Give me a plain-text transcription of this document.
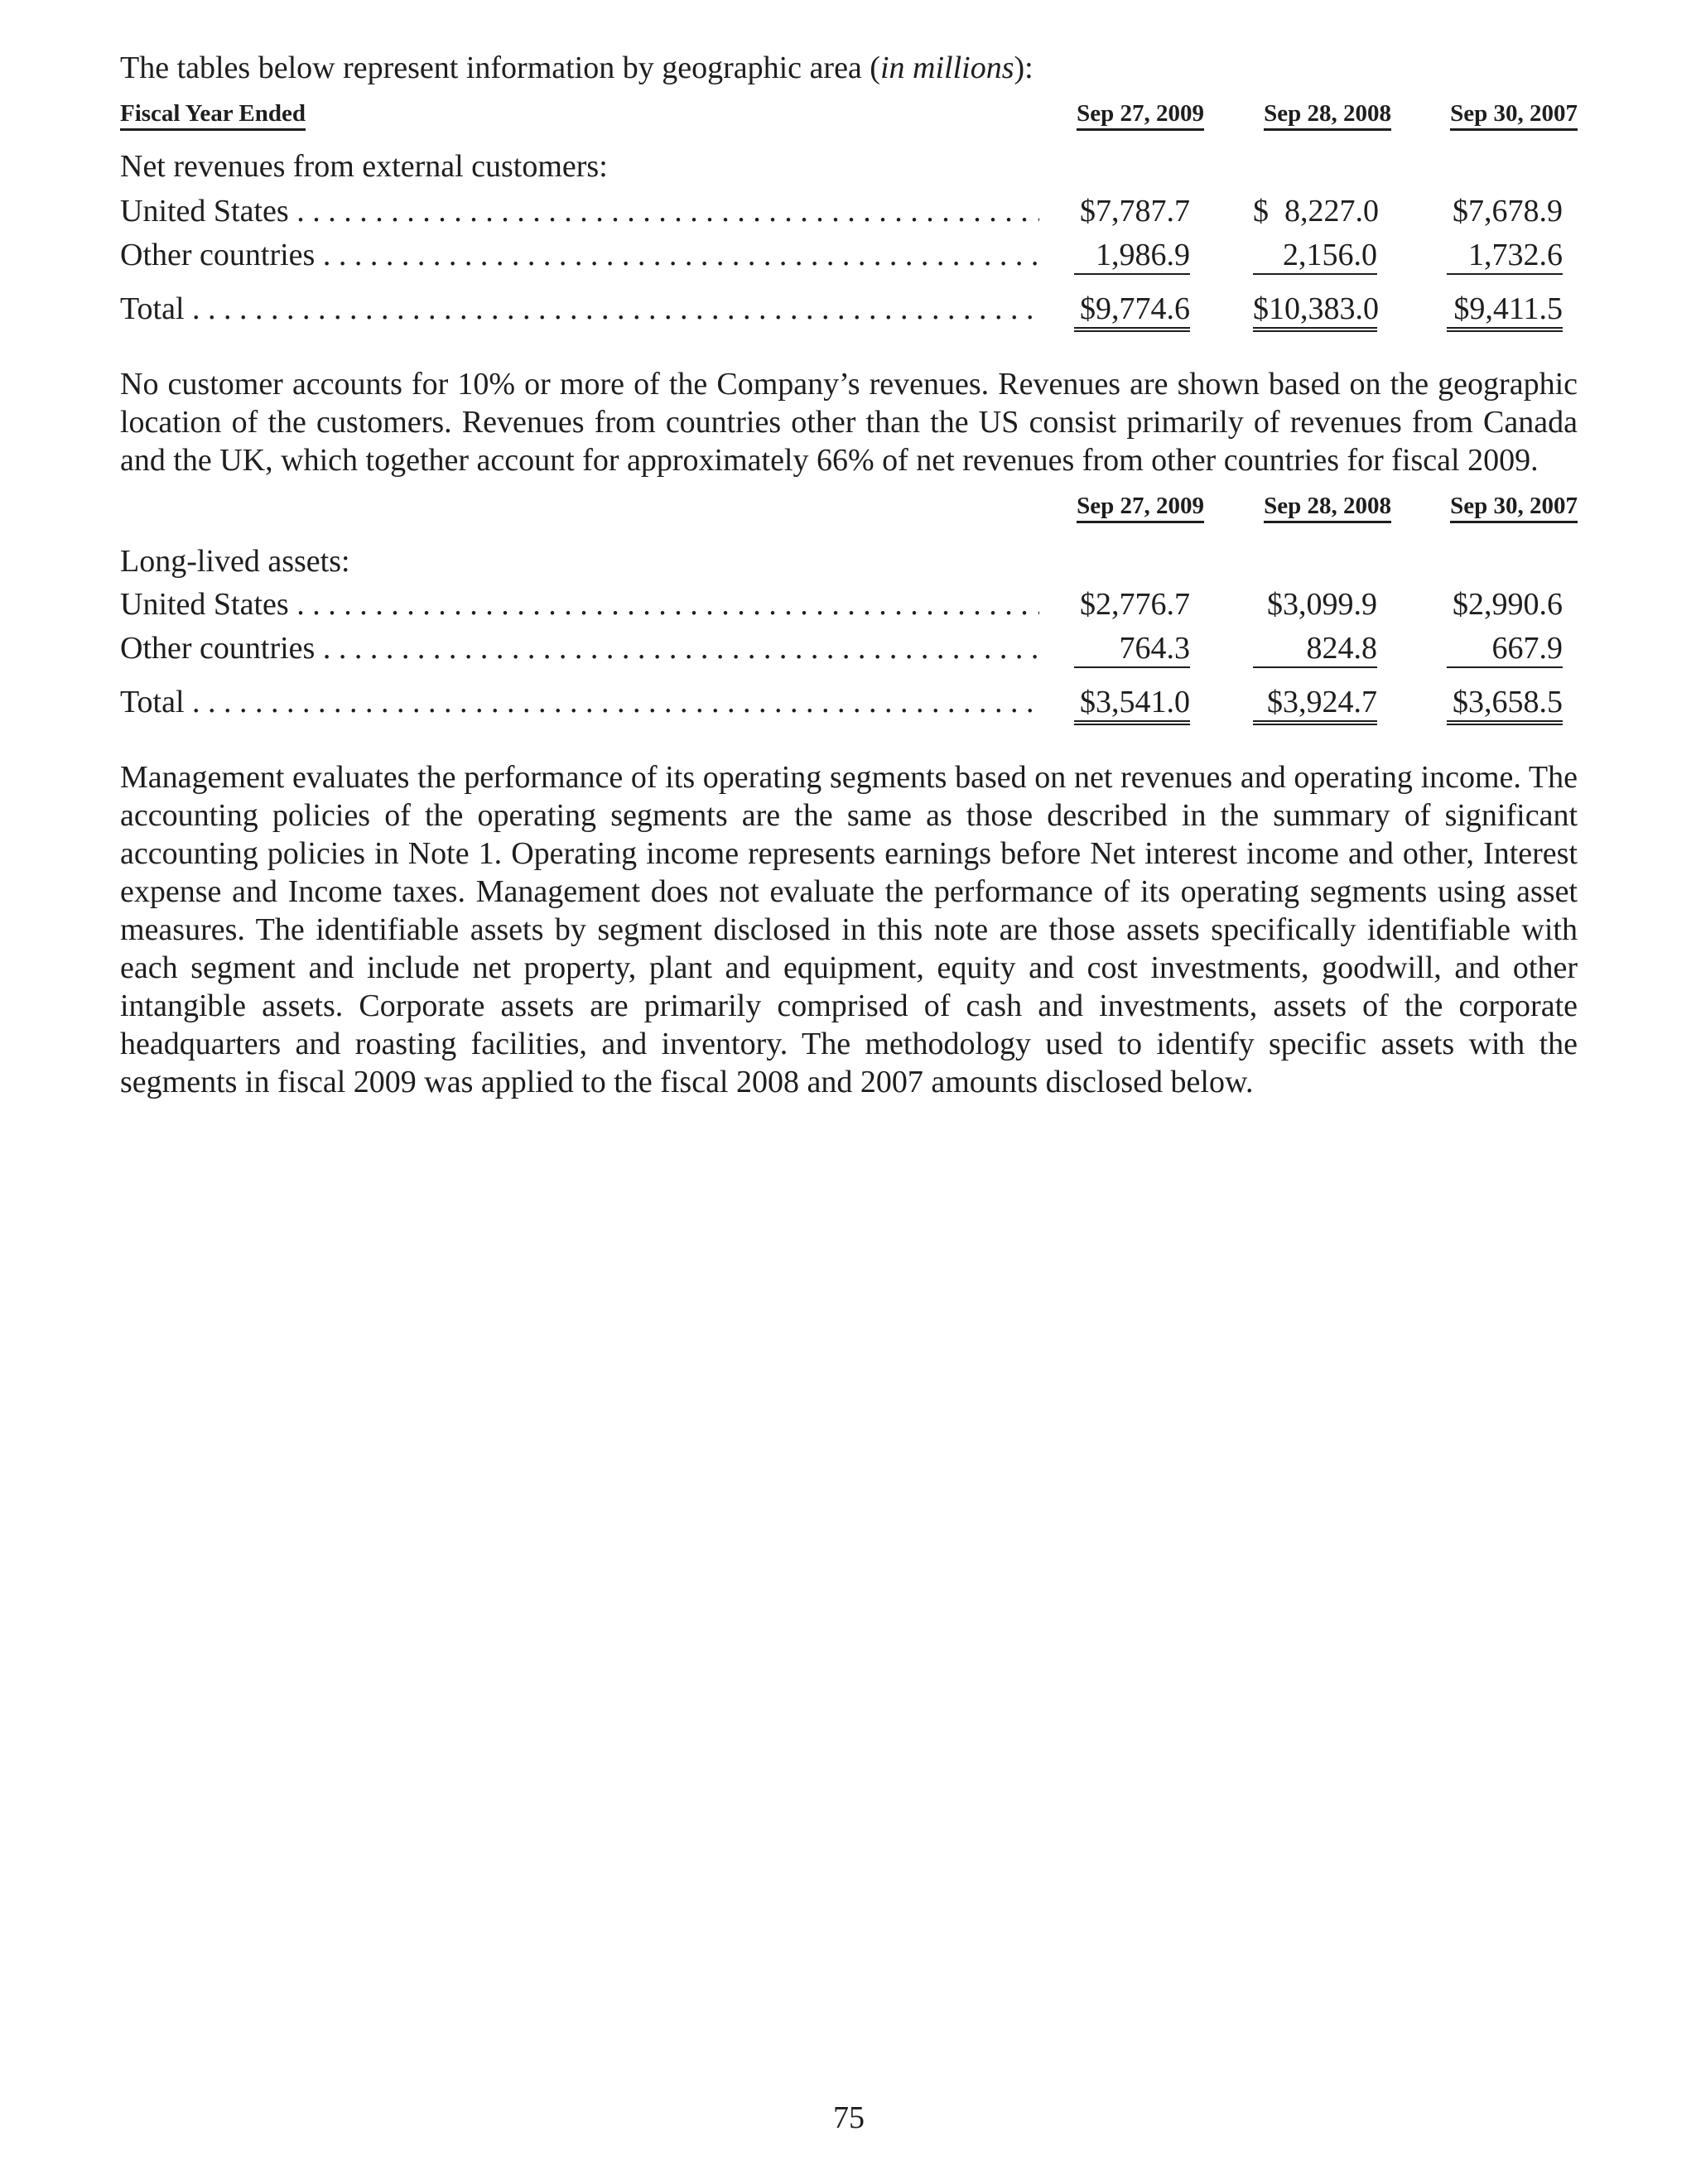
The tables below represent information by geographic area (in millions):
Fiscal Year Ended	Sep 27, 2009 Sep 28, 2008 Sep 30, 2007
Net revenues from external customers:
United States . . .	$7,787.7 $  8,227.0 $7,678.9
Other countries . . .	1,986.9	2,156.0	1,732.6
Total . . .	$9,774.6 $10,383.0 $9,411.5
No customer accounts for 10% or more of the Company’s revenues. Revenues are shown based on the geographic location of the customers. Revenues from countries other than the US consist primarily of revenues from Canada and the UK, which together account for approximately 66% of net revenues from other countries for fiscal 2009.
Sep 27, 2009 Sep 28, 2008 Sep 30, 2007
Long-lived assets:
United States . . .	$2,776.7	$3,099.9 $2,990.6
Other countries . . .	764.3	824.8	667.9
Total . . .	$3,541.0	$3,924.7 $3,658.5
Management evaluates the performance of its operating segments based on net revenues and operating income. The accounting policies of the operating segments are the same as those described in the summary of significant accounting policies in Note 1. Operating income represents earnings before Net interest income and other, Interest expense and Income taxes. Management does not evaluate the performance of its operating segments using asset measures. The identifiable assets by segment disclosed in this note are those assets specifically identifiable with each segment and include net property, plant and equipment, equity and cost investments, goodwill, and other intangible assets. Corporate assets are primarily comprised of cash and investments, assets of the corporate headquarters and roasting facilities, and inventory. The methodology used to identify specific assets with the segments in fiscal 2009 was applied to the fiscal 2008 and 2007 amounts disclosed below.
75
